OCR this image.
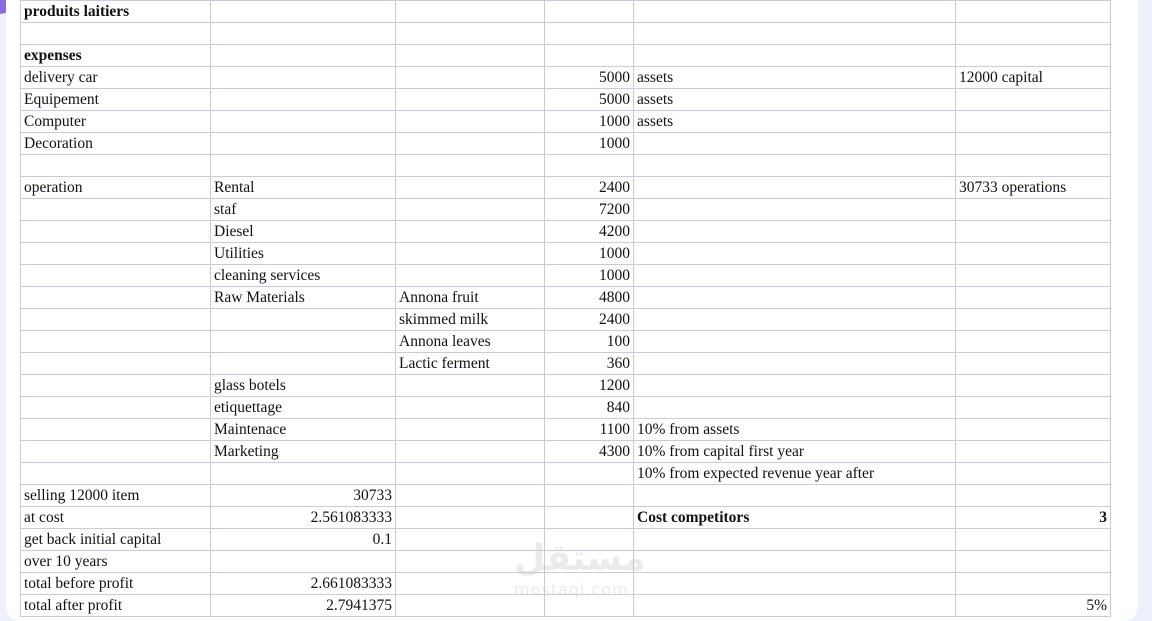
produits laitiers					

expenses					
delivery car			5000	assets	12000 capital
Equipement			5000	assets	
Computer			1000	assets	
Decoration			1000		

operation	Rental		2400		30733 operations
	staf		7200		
	Diesel		4200		
	Utilities		1000		
	cleaning services		1000		
	Raw Materials	Annona fruit	4800		
		skimmed milk	2400		
		Annona leaves	100		
		Lactic ferment	360		
	glass botels		1200		
	etiquettage		840		
	Maintenace		1100	10% from assets	
	Marketing		4300	10% from capital first year	
				10% from expected revenue year after	
selling 12000 item	30733				
at cost	2.561083333			Cost competitors	3
get back initial capital	0.1				
over 10 years					
total before profit	2.661083333				
total after profit	2.7941375				5%
مستقل
mostaql.com
